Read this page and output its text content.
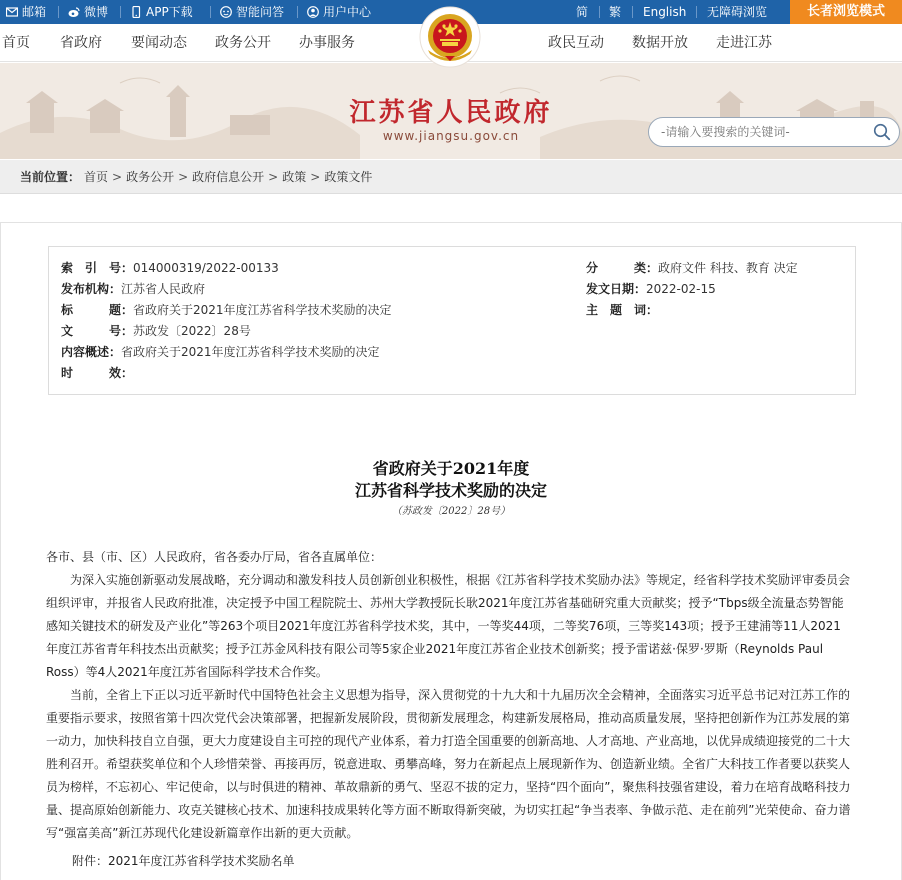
邮箱	微博	APP下载	智能问答	用户中心	简 繁 English 无障碍浏览	长者浏览模式
首页 省政府 要闻动态 政务公开 办事服务	政民互动 数据开放 走进江苏
江苏省人民政府
www.jiangsu.gov.cn
-请输入要搜索的关键词-
当前位置： 首页 > 政务公开 > 政府信息公开 > 政策 > 政策文件
索　引　号：014000319/2022-00133	分　　　类：政府文件 科技、教育 决定
发布机构：江苏省人民政府	发文日期：2022-02-15
标　　　题：省政府关于2021年度江苏省科学技术奖励的决定	主　题　词：
文　　　号：苏政发〔2022〕28号
内容概述：省政府关于2021年度江苏省科学技术奖励的决定
时　　　效：
省政府关于2021年度
江苏省科学技术奖励的决定
（苏政发〔2022〕28号）

各市、县（市、区）人民政府，省各委办厅局，省各直属单位：

为深入实施创新驱动发展战略，充分调动和激发科技人员创新创业积极性，根据《江苏省科学技术奖励办法》等规定，经省科学技术奖励评审委员会组织评审，并报省人民政府批准，决定授予中国工程院院士、苏州大学教授阮长耿2021年度江苏省基础研究重大贡献奖；授予“Tbps级全流量态势智能感知关键技术的研发及产业化”等263个项目2021年度江苏省科学技术奖，其中，一等奖44项，二等奖76项，三等奖143项；授予王建浦等11人2021年度江苏省青年科技杰出贡献奖；授予江苏金风科技有限公司等5家企业2021年度江苏省企业技术创新奖；授予雷诺兹·保罗·罗斯（Reynolds Paul Ross）等4人2021年度江苏省国际科学技术合作奖。

当前，全省上下正以习近平新时代中国特色社会主义思想为指导，深入贯彻党的十九大和十九届历次全会精神，全面落实习近平总书记对江苏工作的重要指示要求，按照省第十四次党代会决策部署，把握新发展阶段，贯彻新发展理念，构建新发展格局，推动高质量发展，坚持把创新作为江苏发展的第一动力，加快科技自立自强，更大力度建设自主可控的现代产业体系，着力打造全国重要的创新高地、人才高地、产业高地，以优异成绩迎接党的二十大胜利召开。希望获奖单位和个人珍惜荣誉、再接再厉，锐意进取、勇攀高峰，努力在新起点上展现新作为、创造新业绩。全省广大科技工作者要以获奖人员为榜样，不忘初心、牢记使命，以与时俱进的精神、革故鼎新的勇气、坚忍不拔的定力，坚持“四个面向”，聚焦科技强省建设，着力在培育战略科技力量、提高原始创新能力、攻克关键核心技术、加速科技成果转化等方面不断取得新突破，为切实扛起“争当表率、争做示范、走在前列”光荣使命、奋力谱写“强富美高”新江苏现代化建设新篇章作出新的更大贡献。

附件：2021年度江苏省科学技术奖励名单
